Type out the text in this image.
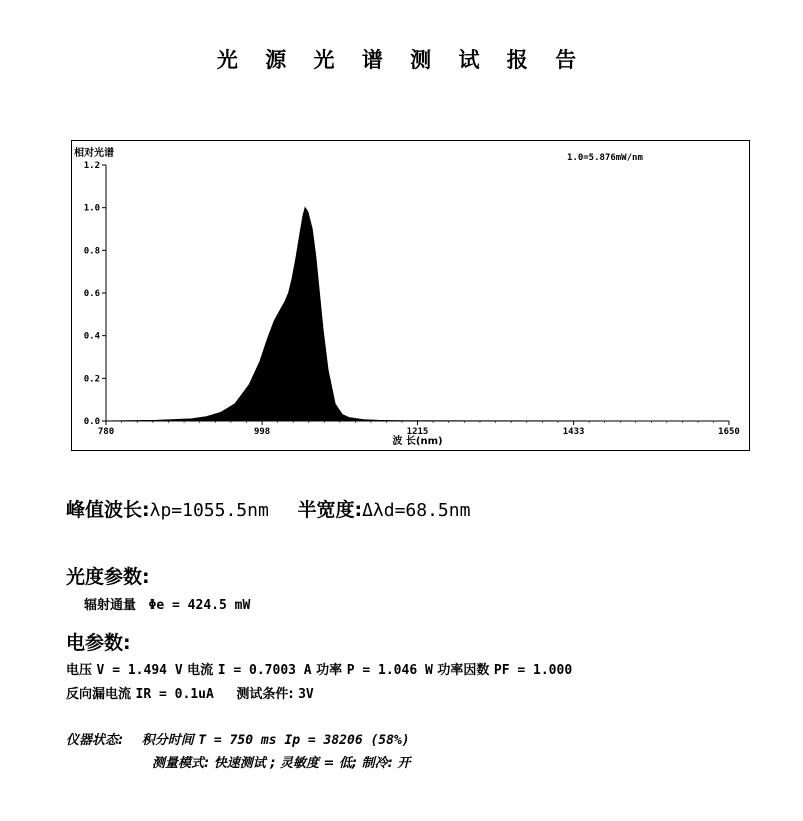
光 源 光 谱 测 试 报 告
0.0
0.2
0.4
0.6
0.8
1.0
1.2
780	998	1215	1433	1650
相对光谱
波 长(nm)
1.0=5.876mW/nm
峰值波长:λp=1055.5nm 半宽度:Δλd=68.5nm
光度参数:
辐射通量 Φe = 424.5 mW
电参数:
电压 V = 1.494 V 电流 I = 0.7003 A 功率 P = 1.046 W 功率因数 PF = 1.000
反向漏电流 IR = 0.1uA 测试条件: 3V
仪器状态: 积分时间 T = 750 ms Ip = 38206 (58%)
测量模式: 快速测试 ; 灵敏度 = 低; 制冷: 开
